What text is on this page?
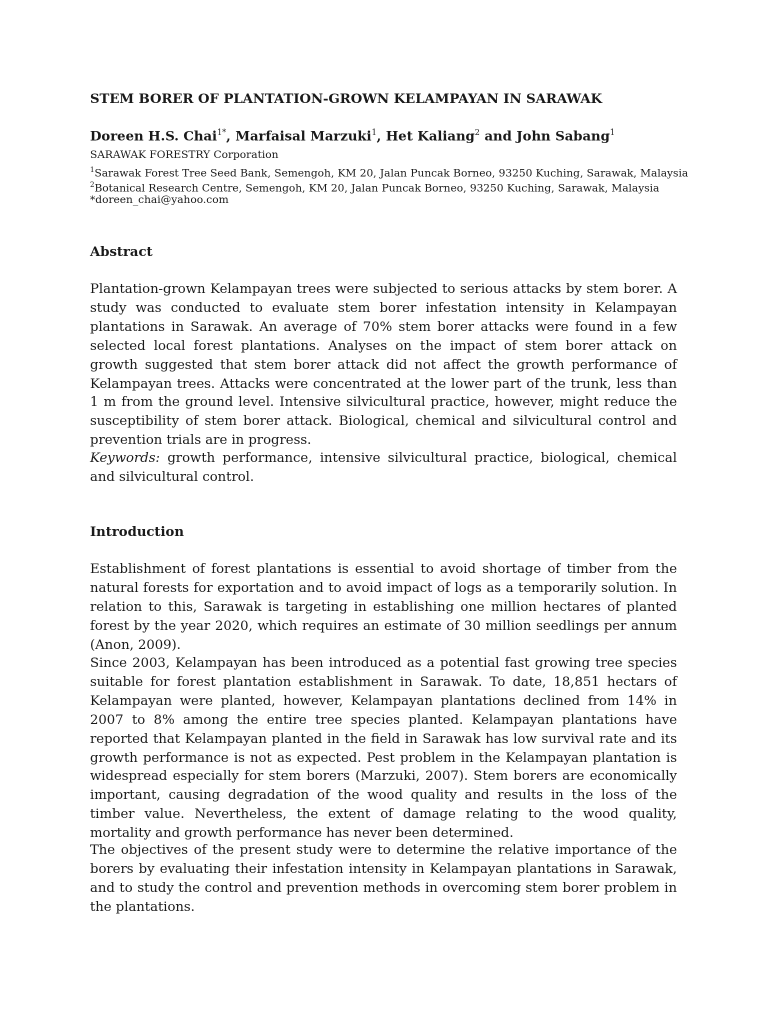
STEM BORER OF PLANTATION-GROWN KELAMPAYAN IN SARAWAK
Doreen H.S. Chai$^{1*}$, Marfaisal Marzuki$^1$, Het Kaliang$^2$ and John Sabang$^1$
SARAWAK FORESTRY Corporation
$^1$Sarawak Forest Tree Seed Bank, Semengoh, KM 20, Jalan Puncak Borneo, 93250 Kuching, Sarawak, Malaysia
$^2$Botanical Research Centre, Semengoh, KM 20, Jalan Puncak Borneo, 93250 Kuching, Sarawak, Malaysia
*doreen_chai@yahoo.com
Abstract

Plantation-grown Kelampayan trees were subjected to serious attacks by stem borer. A study was conducted to evaluate stem borer infestation intensity in Kelampayan plantations in Sarawak. An average of 70% stem borer attacks were found in a few selected local forest plantations. Analyses on the impact of stem borer attack on growth suggested that stem borer attack did not affect the growth performance of Kelampayan trees. Attacks were concentrated at the lower part of the trunk, less than 1 m from the ground level. Intensive silvicultural practice, however, might reduce the susceptibility of stem borer attack. Biological, chemical and silvicultural control and prevention trials are in progress.

Keywords: growth performance, intensive silvicultural practice, biological, chemical and silvicultural control.

Introduction

Establishment of forest plantations is essential to avoid shortage of timber from the natural forests for exportation and to avoid impact of logs as a temporarily solution. In relation to this, Sarawak is targeting in establishing one million hectares of planted forest by the year 2020, which requires an estimate of 30 million seedlings per annum (Anon, 2009).

Since 2003, Kelampayan has been introduced as a potential fast growing tree species suitable for forest plantation establishment in Sarawak. To date, 18,851 hectars of Kelampayan were planted, however, Kelampayan plantations declined from 14% in 2007 to 8% among the entire tree species planted. Kelampayan plantations have reported that Kelampayan planted in the field in Sarawak has low survival rate and its growth performance is not as expected. Pest problem in the Kelampayan plantation is widespread especially for stem borers (Marzuki, 2007). Stem borers are economically important, causing degradation of the wood quality and results in the loss of the timber value. Nevertheless, the extent of damage relating to the wood quality, mortality and growth performance has never been determined.

The objectives of the present study were to determine the relative importance of the borers by evaluating their infestation intensity in Kelampayan plantations in Sarawak, and to study the control and prevention methods in overcoming stem borer problem in the plantations.
